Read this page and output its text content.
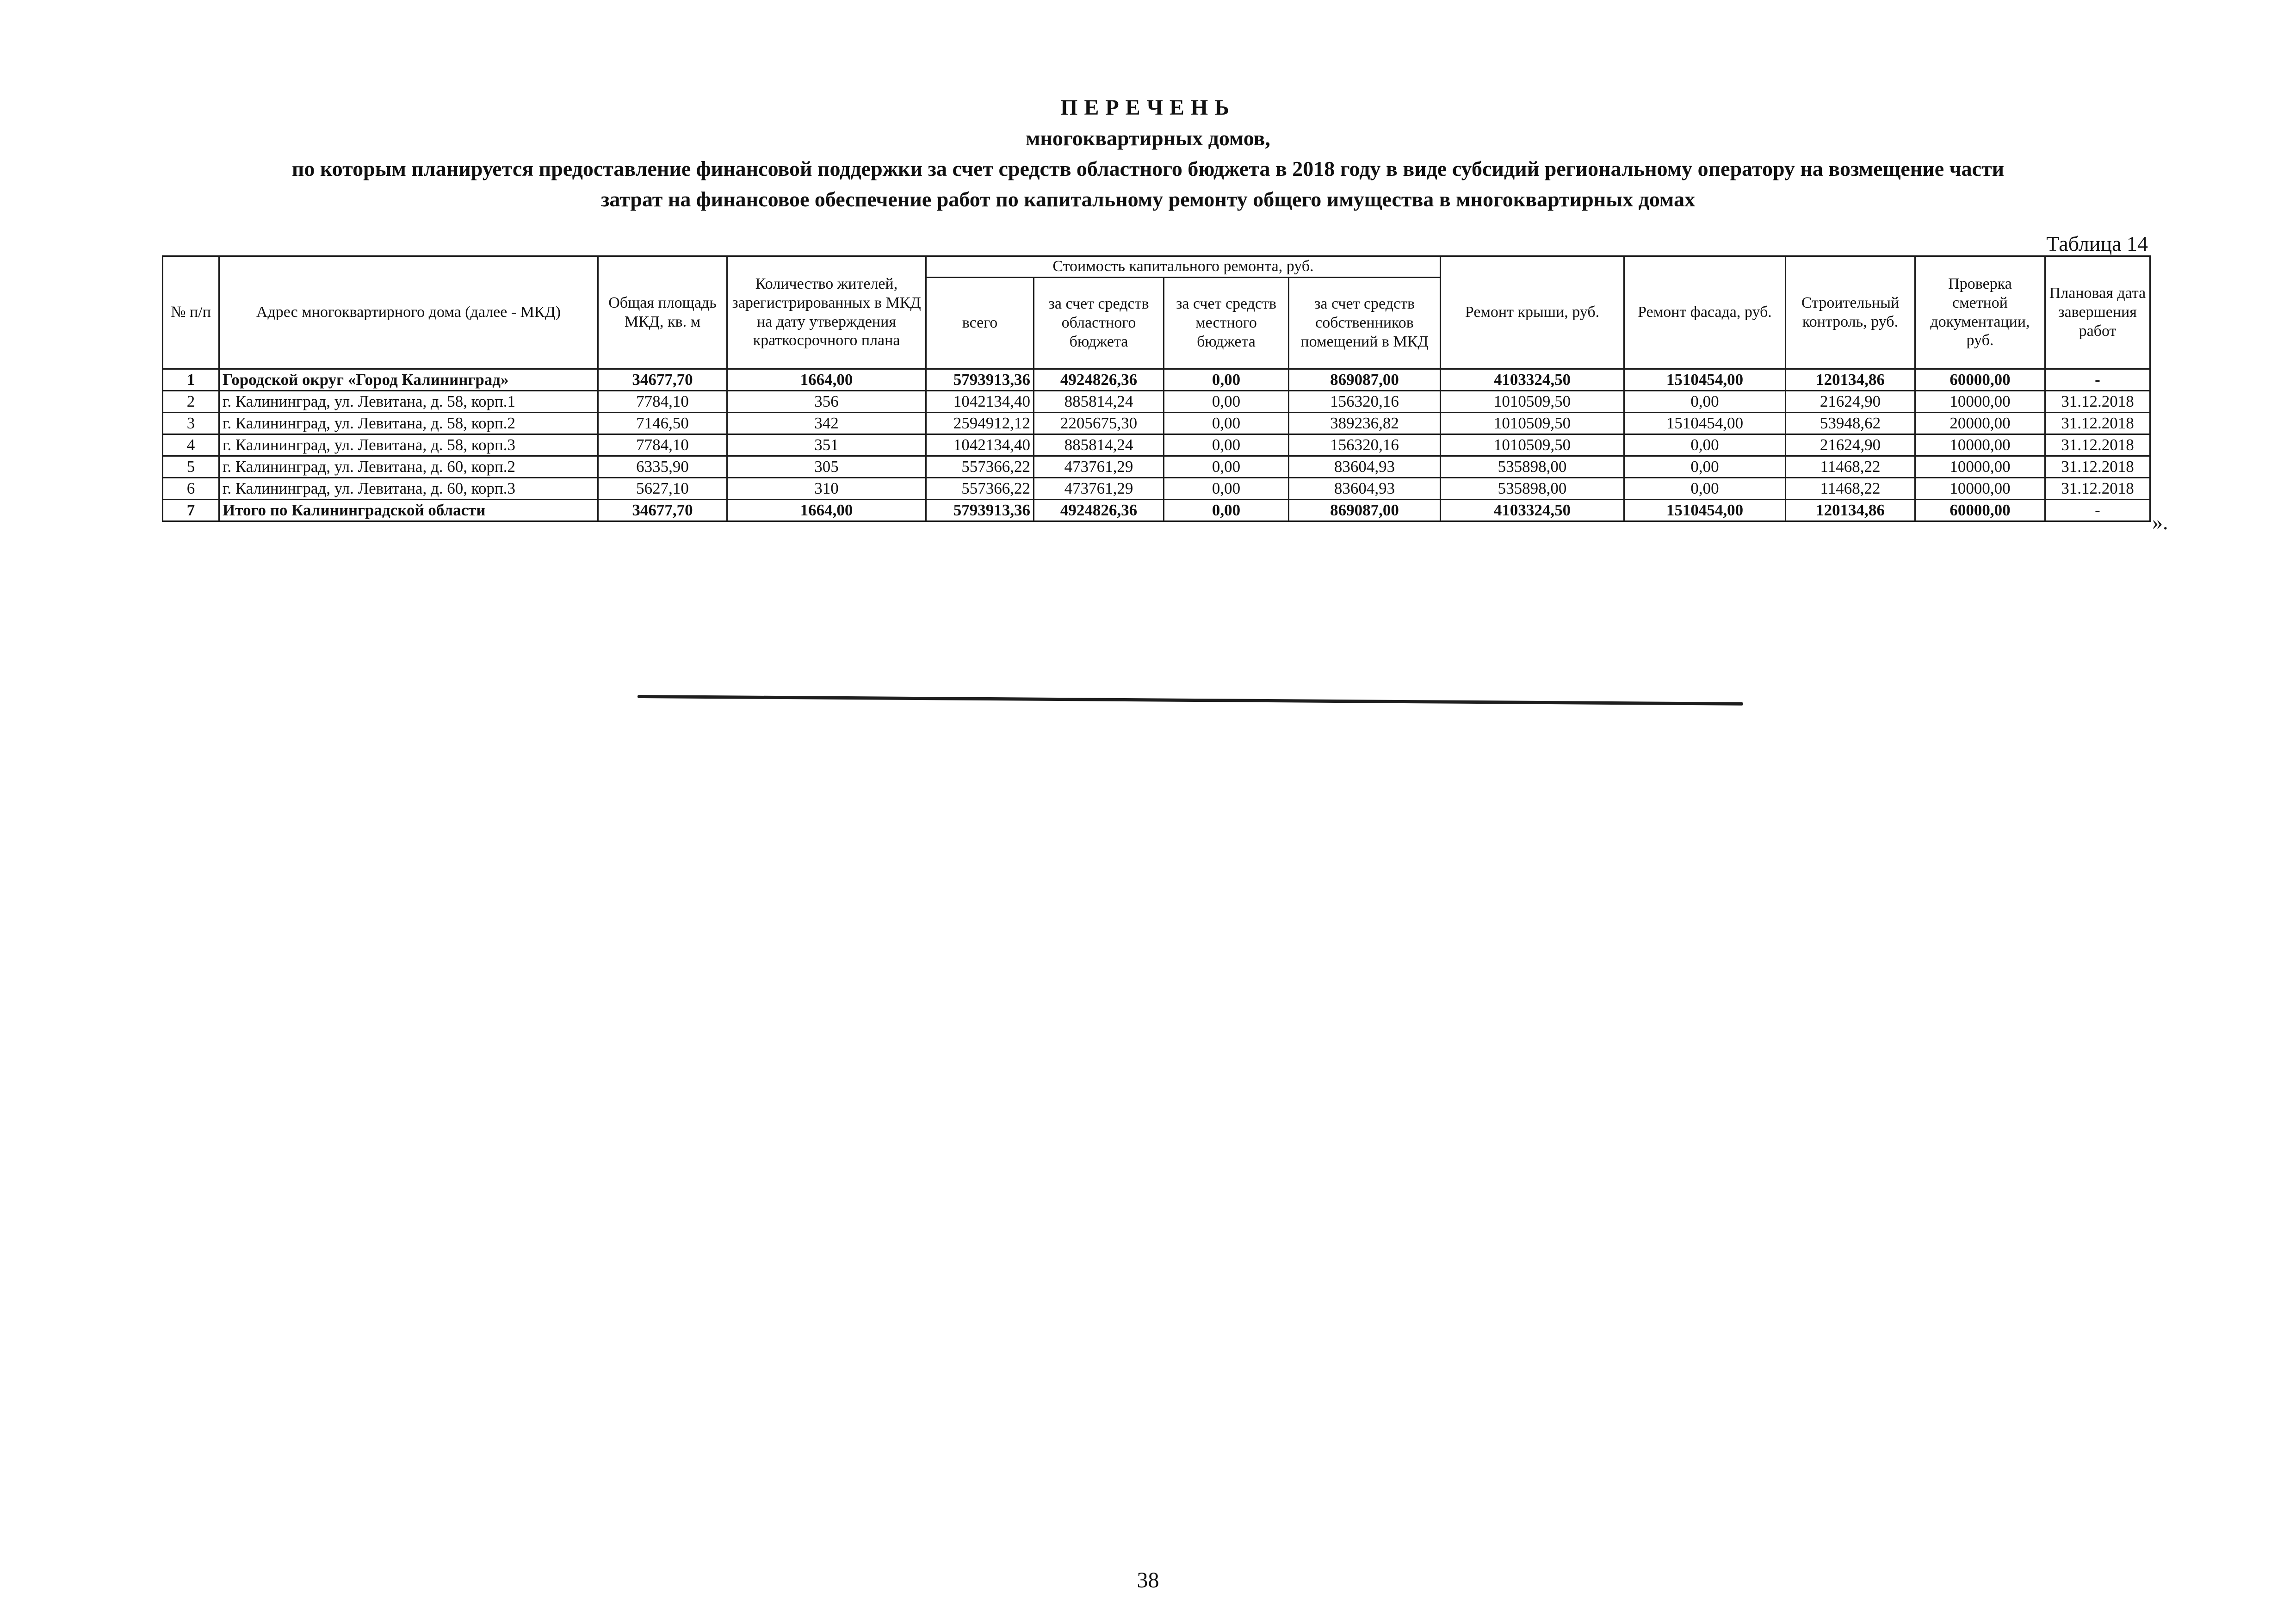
ПЕРЕЧЕНЬ
многоквартирных домов,
по которым планируется предоставление финансовой поддержки за счет средств областного бюджета в 2018 году в виде субсидий региональному оператору на возмещение части
затрат на финансовое обеспечение работ по капитальному ремонту общего имущества в многоквартирных домах
Таблица 14
№ п/п	Адрес многоквартирного дома (далее - МКД)	Общая площадь МКД, кв. м	Количество жителей, зарегистрированных в МКД на дату утверждения краткосрочного плана	Стоимость капитального ремонта, руб.				Ремонт крыши, руб.	Ремонт фасада, руб.	Строительный контроль, руб.	Проверка сметной документации, руб.	Плановая дата завершения работ
				всего	за счет средств областного бюджета	за счет средств местного бюджета	за счет средств собственников помещений в МКД					
1	Городской округ «Город Калининград»	34677,70	1664,00	5793913,36	4924826,36	0,00	869087,00	4103324,50	1510454,00	120134,86	60000,00	-
2	г. Калининград, ул. Левитана, д. 58, корп.1	7784,10	356	1042134,40	885814,24	0,00	156320,16	1010509,50	0,00	21624,90	10000,00	31.12.2018
3	г. Калининград, ул. Левитана, д. 58, корп.2	7146,50	342	2594912,12	2205675,30	0,00	389236,82	1010509,50	1510454,00	53948,62	20000,00	31.12.2018
4	г. Калининград, ул. Левитана, д. 58, корп.3	7784,10	351	1042134,40	885814,24	0,00	156320,16	1010509,50	0,00	21624,90	10000,00	31.12.2018
5	г. Калининград, ул. Левитана, д. 60, корп.2	6335,90	305	557366,22	473761,29	0,00	83604,93	535898,00	0,00	11468,22	10000,00	31.12.2018
6	г. Калининград, ул. Левитана, д. 60, корп.3	5627,10	310	557366,22	473761,29	0,00	83604,93	535898,00	0,00	11468,22	10000,00	31.12.2018
7	Итого по Калининградской области	34677,70	1664,00	5793913,36	4924826,36	0,00	869087,00	4103324,50	1510454,00	120134,86	60000,00	-
».
38
